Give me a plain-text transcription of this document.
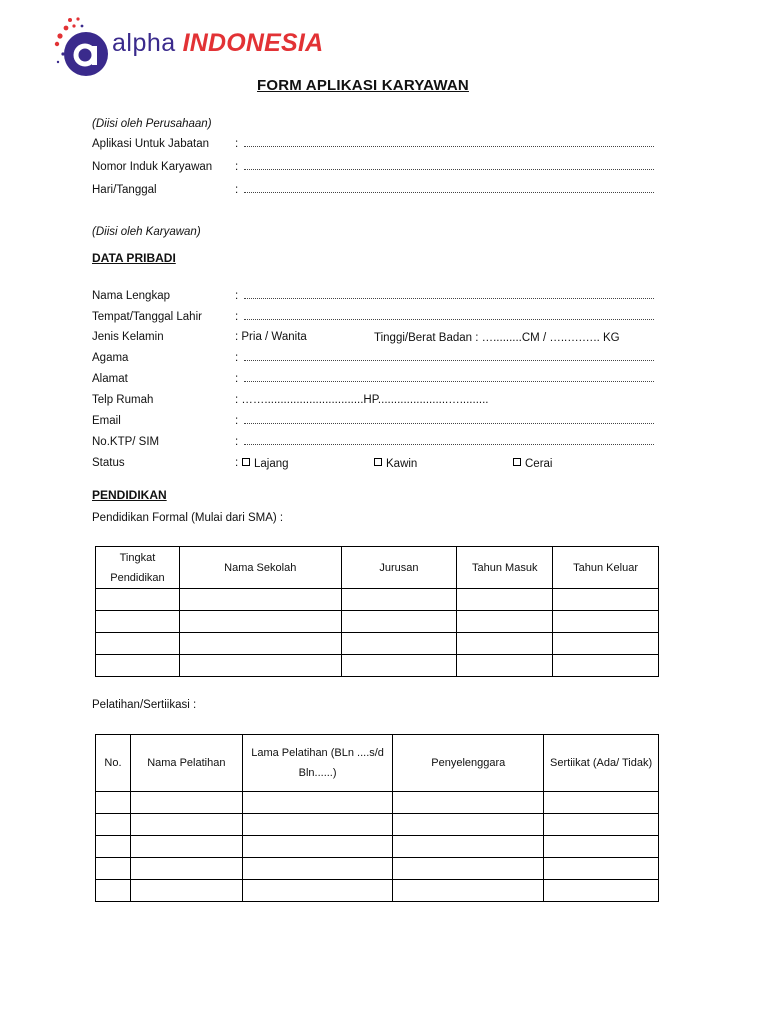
alpha INDONESIA
FORM APLIKASI KARYAWAN
(Diisi oleh Perusahaan)
Aplikasi Untuk Jabatan :
Nomor Induk Karyawan :
Hari/Tanggal	:
(Diisi oleh Karyawan)
DATA PRIBADI
Nama Lengkap	:
Tempat/Tanggal Lahir	:
Jenis Kelamin	: Pria / Wanita	Tinggi/Berat Badan : ….........CM / …..….….. KG
Agama	:
Alamat	:
Telp Rumah	: ……...............................HP......................….........
Email	:
No.KTP/ SIM	:
Status	:	Lajang	Kawin	Cerai
PENDIDIKAN
Pendidikan Formal (Mulai dari SMA) :
Tingkat Pendidikan	Nama Sekolah	Jurusan	Tahun Masuk	Tahun Keluar

Pelatihan/Sertiikasi :
No.	Nama Pelatihan	Lama Pelatihan (BLn ....s/d Bln......)	Penyelenggara	Sertiikat (Ada/ Tidak)
